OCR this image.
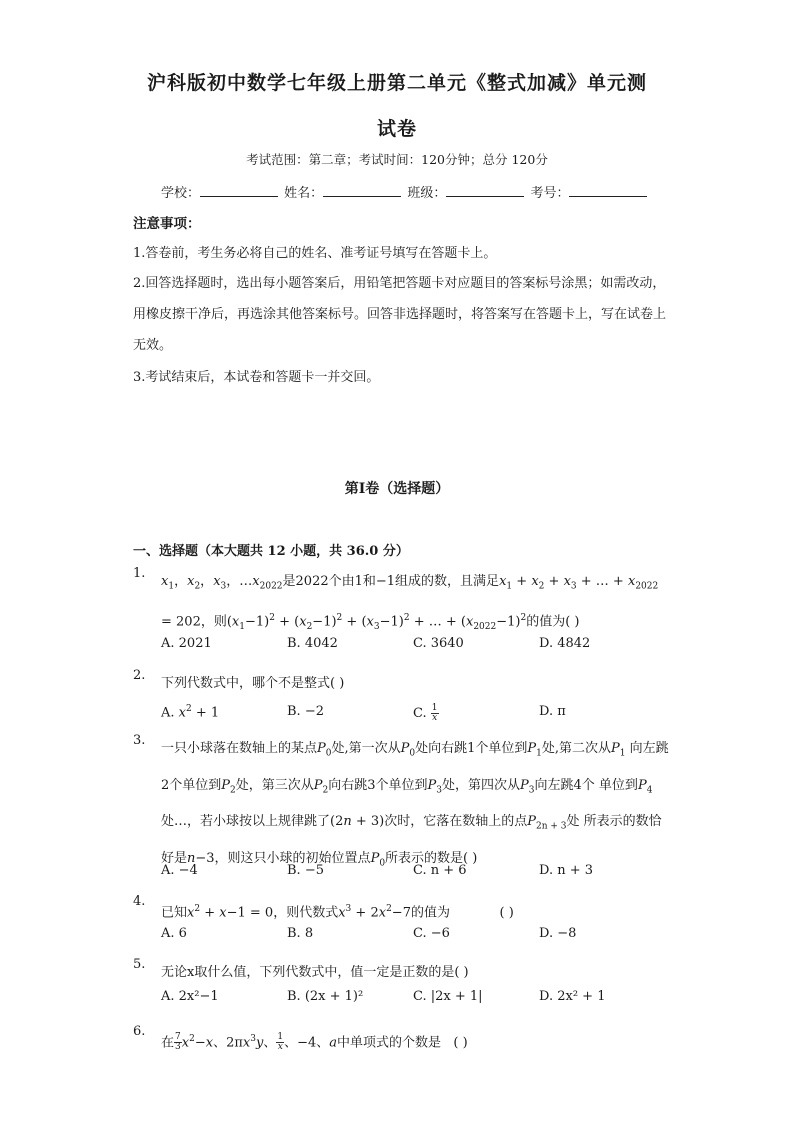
沪科版初中数学七年级上册第二单元《整式加减》单元测
试卷
考试范围：第二章；考试时间：120分钟；总分 120分
学校：	姓名：	班级：	考号：
注意事项：
1.答卷前，考生务必将自己的姓名、准考证号填写在答题卡上。
2.回答选择题时，选出每小题答案后，用铅笔把答题卡对应题目的答案标号涂黑；如需改动，用橡皮擦干净后，再选涂其他答案标号。回答非选择题时，将答案写在答题卡上，写在试卷上无效。
3.考试结束后，本试卷和答题卡一并交回。
第Ⅰ卷（选择题）
一、选择题（本大题共 12 小题，共 36.0 分）
1.
$x_1$，$x_2$，$x_3$，$\dots x_{2022}$是2022个由1和−1组成的数，且满足$x_1 + x_2 + x_3$ + … + $x_{2022}$
= 202，则$(x_1-1)^2 + (x_2-1)^2 + (x_3-1)^2$ + … + $(x_{2022}-1)^2$的值为( )
A. 2021	B. 4042	C. 3640	D. 4842
2.
下列代数式中，哪个不是整式( )
A. $x^2 + 1$	B. −2	C. $\frac{1}{x}$	D. π
3.
一只小球落在数轴上的某点$P_0$处,第一次从$P_0$处向右跳1个单位到$P_1$处,第二次从$P_1$ 向左跳2个单位到$P_2$处，第三次从$P_2$向右跳3个单位到$P_3$处，第四次从$P_3$向左跳4个 单位到$P_4$处…，若小球按以上规律跳了(2n + 3)次时，它落在数轴上的点$P_{2n + 3}$处 所表示的数恰好是n−3，则这只小球的初始位置点$P_0$所表示的数是( )
A. −4	B. −5	C. n + 6	D. n + 3
4.
已知$x^2 + x-1 = 0$，则代数式$x^3 + 2x^2-7$的值为            ( )
A. 6	B. 8	C. −6	D. −8
5.
无论x取什么值，下列代数式中，值一定是正数的是( )
A. 2x²−1	B. (2x + 1)²	C. |2x + 1|	D. 2x² + 1
6.
在 $\frac{7}{3} x^2-x$、$2\pi x^3y$、 $\frac{1}{x}$ 、−4、a中单项式的个数是   ( )
